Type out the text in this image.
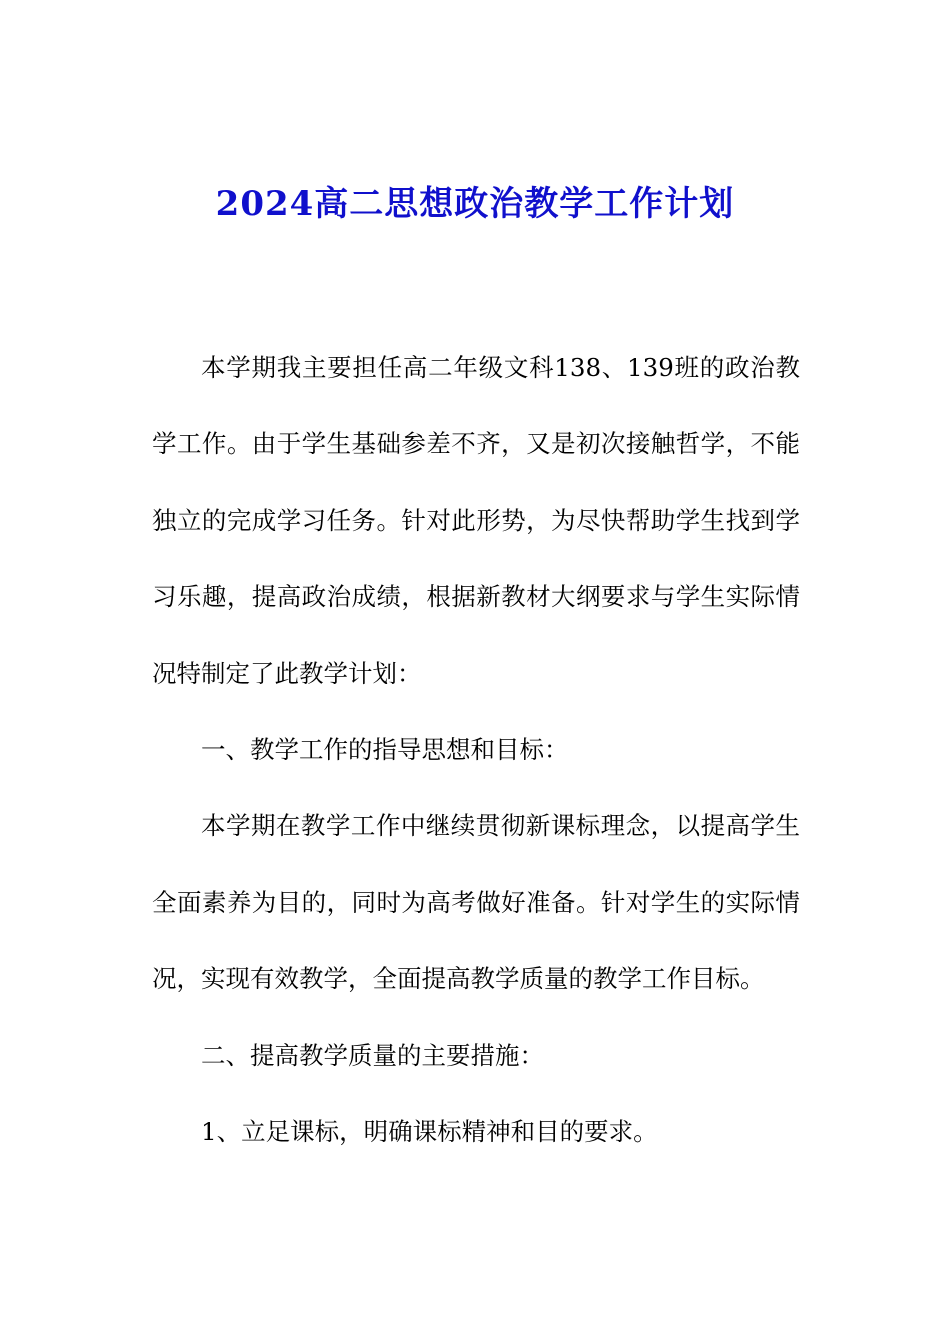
2024高二思想政治教学工作计划

本学期我主要担任高二年级文科138、139班的政治教学工作。由于学生基础参差不齐，又是初次接触哲学，不能独立的完成学习任务。针对此形势，为尽快帮助学生找到学习乐趣，提高政治成绩，根据新教材大纲要求与学生实际情况特制定了此教学计划：

一、教学工作的指导思想和目标：

本学期在教学工作中继续贯彻新课标理念，以提高学生全面素养为目的，同时为高考做好准备。针对学生的实际情况，实现有效教学，全面提高教学质量的教学工作目标。

二、提高教学质量的主要措施：

1、立足课标，明确课标精神和目的要求。
